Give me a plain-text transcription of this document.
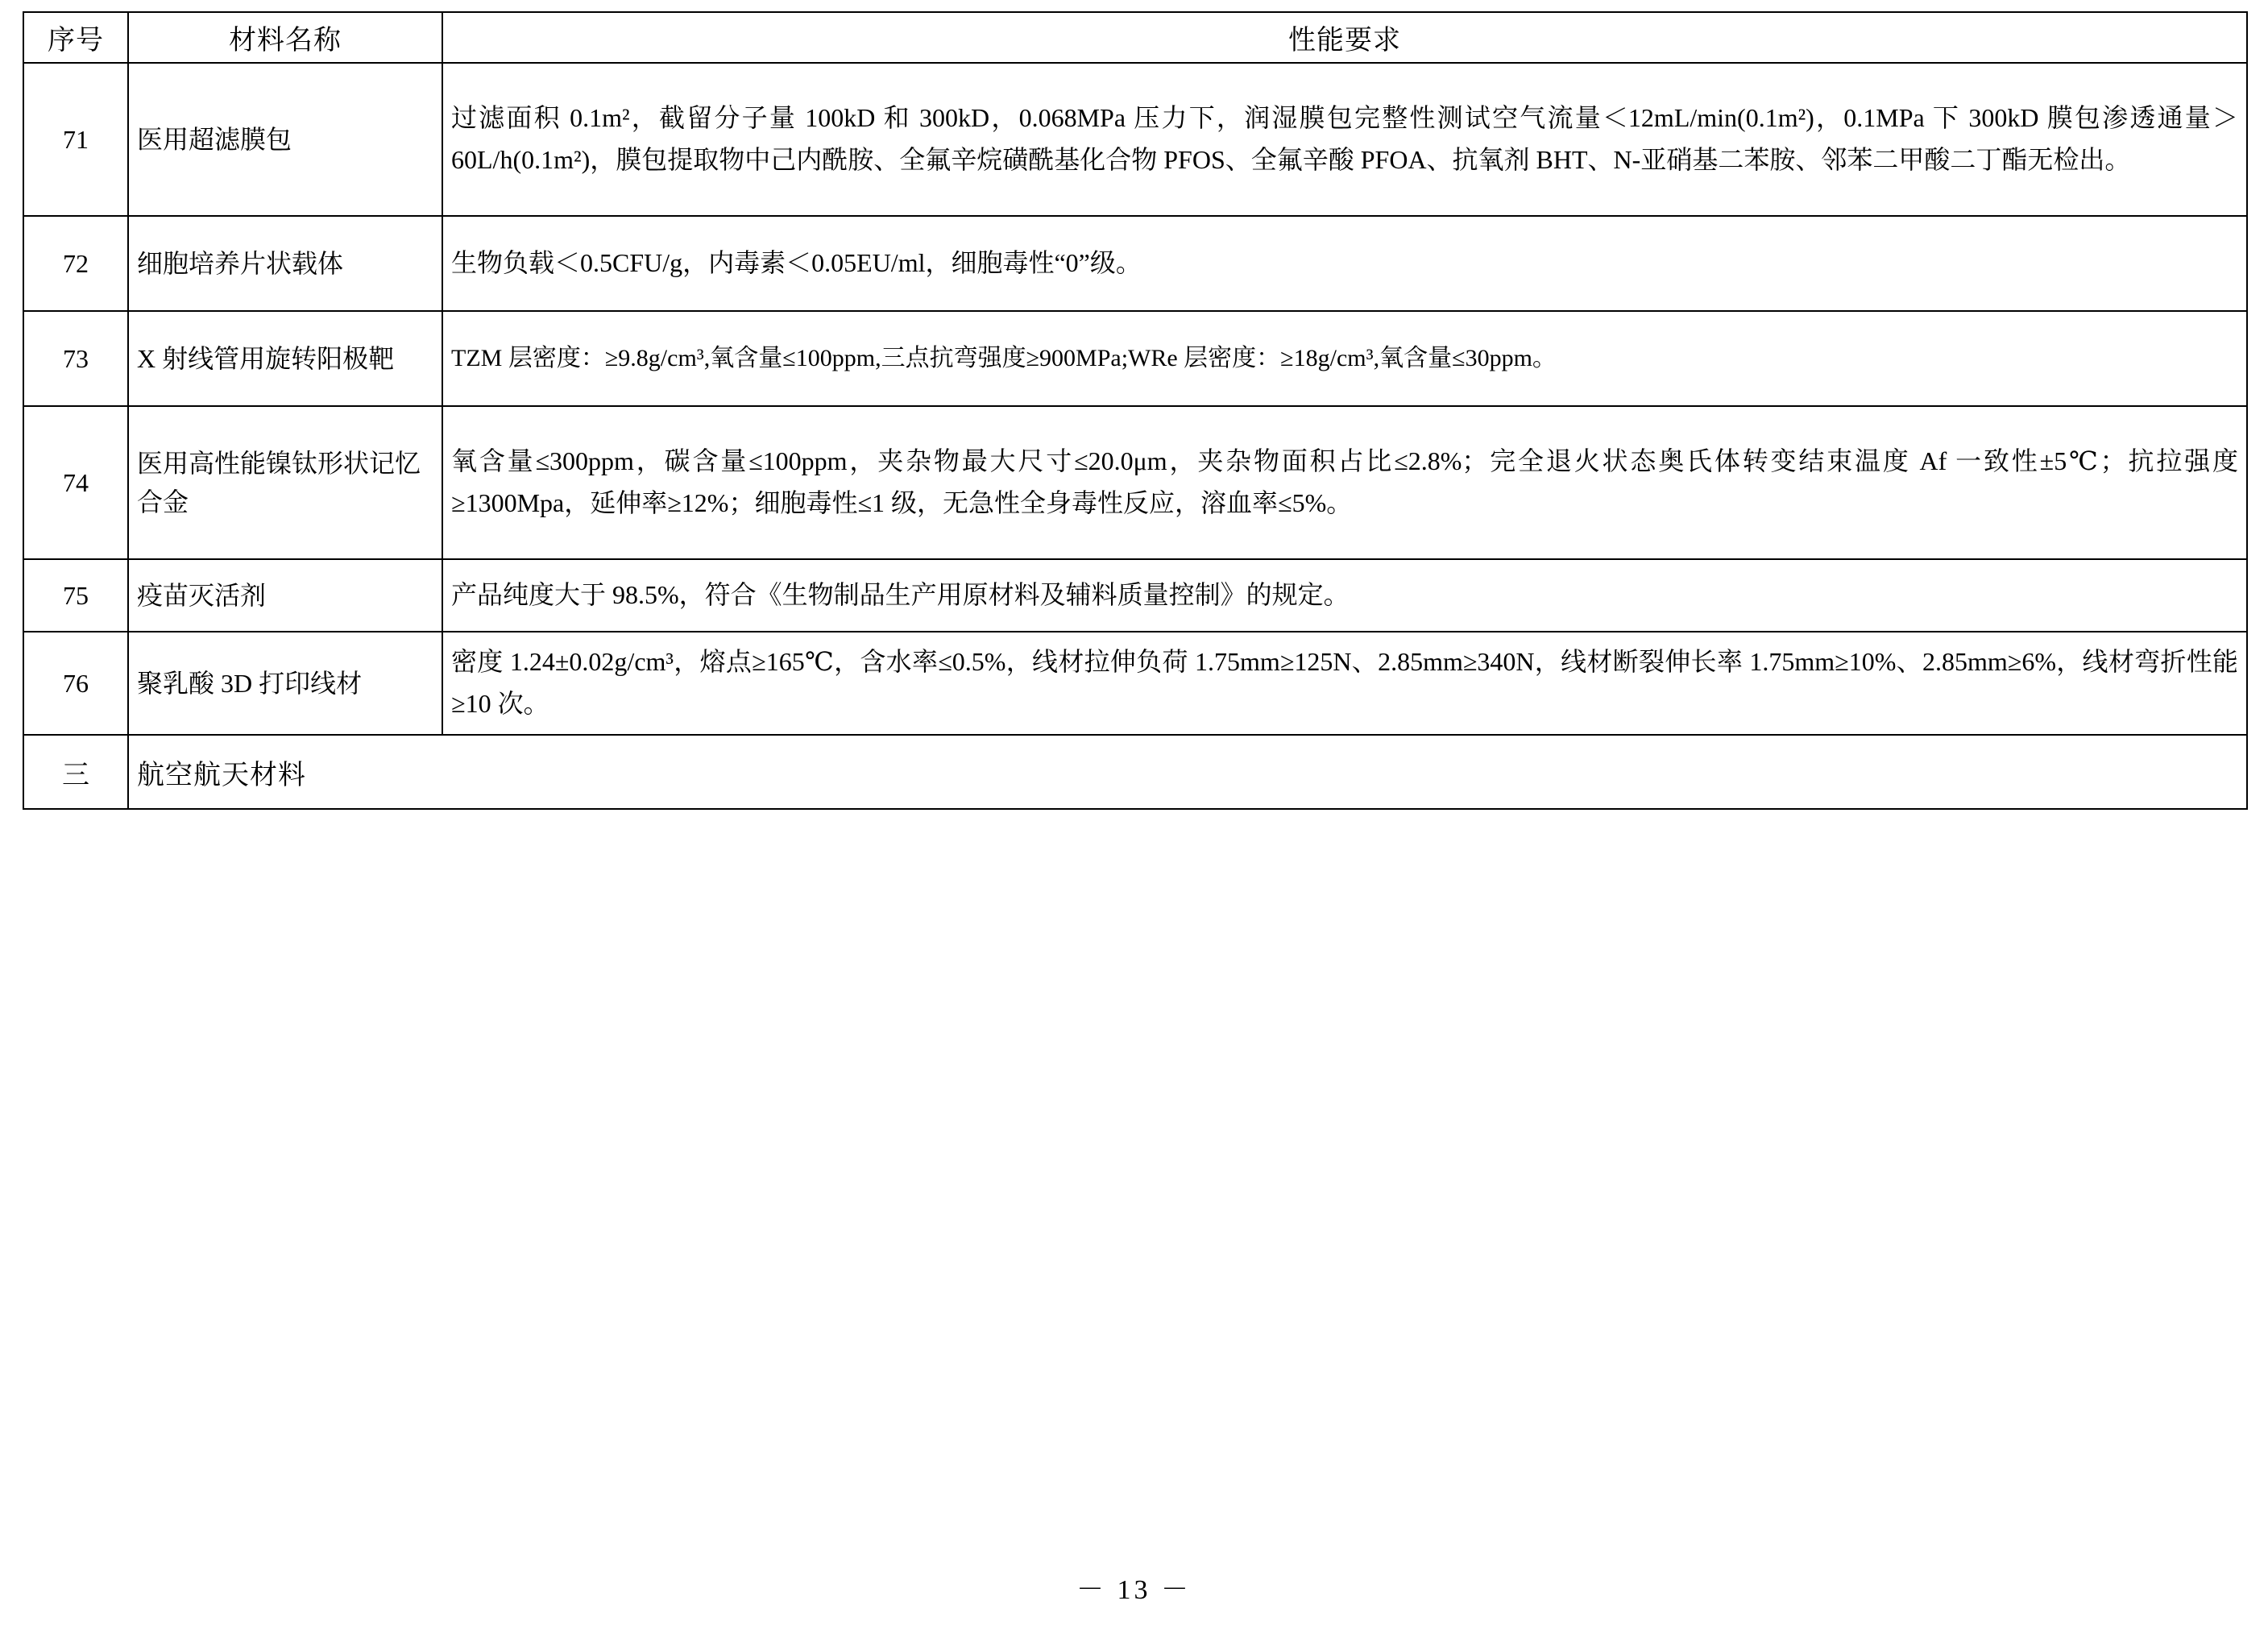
序号	材料名称	性能要求
71	医用超滤膜包	过滤面积 0.1m²，截留分子量 100kD 和 300kD，0.068MPa 压力下，润湿膜包完整性测试空气流量＜12mL/min(0.1m²)，0.1MPa 下 300kD 膜包渗透通量＞60L/h(0.1m²)，膜包提取物中己内酰胺、全氟辛烷磺酰基化合物 PFOS、全氟辛酸 PFOA、抗氧剂 BHT、N-亚硝基二苯胺、邻苯二甲酸二丁酯无检出。
72	细胞培养片状载体	生物负载＜0.5CFU/g，内毒素＜0.05EU/ml，细胞毒性“0”级。
73	X 射线管用旋转阳极靶	TZM 层密度：≥9.8g/cm³,氧含量≤100ppm,三点抗弯强度≥900MPa;WRe 层密度：≥18g/cm³,氧含量≤30ppm。
74	医用高性能镍钛形状记忆合金	氧含量≤300ppm，碳含量≤100ppm，夹杂物最大尺寸≤20.0μm，夹杂物面积占比≤2.8%；完全退火状态奥氏体转变结束温度 Af 一致性±5℃；抗拉强度≥1300Mpa，延伸率≥12%；细胞毒性≤1 级，无急性全身毒性反应，溶血率≤5%。
75	疫苗灭活剂	产品纯度大于 98.5%，符合《生物制品生产用原材料及辅料质量控制》的规定。
76	聚乳酸 3D 打印线材	密度 1.24±0.02g/cm³，熔点≥165℃，含水率≤0.5%，线材拉伸负荷 1.75mm≥125N、2.85mm≥340N，线材断裂伸长率 1.75mm≥10%、2.85mm≥6%，线材弯折性能≥10 次。
三	航空航天材料	
－ 13 －
